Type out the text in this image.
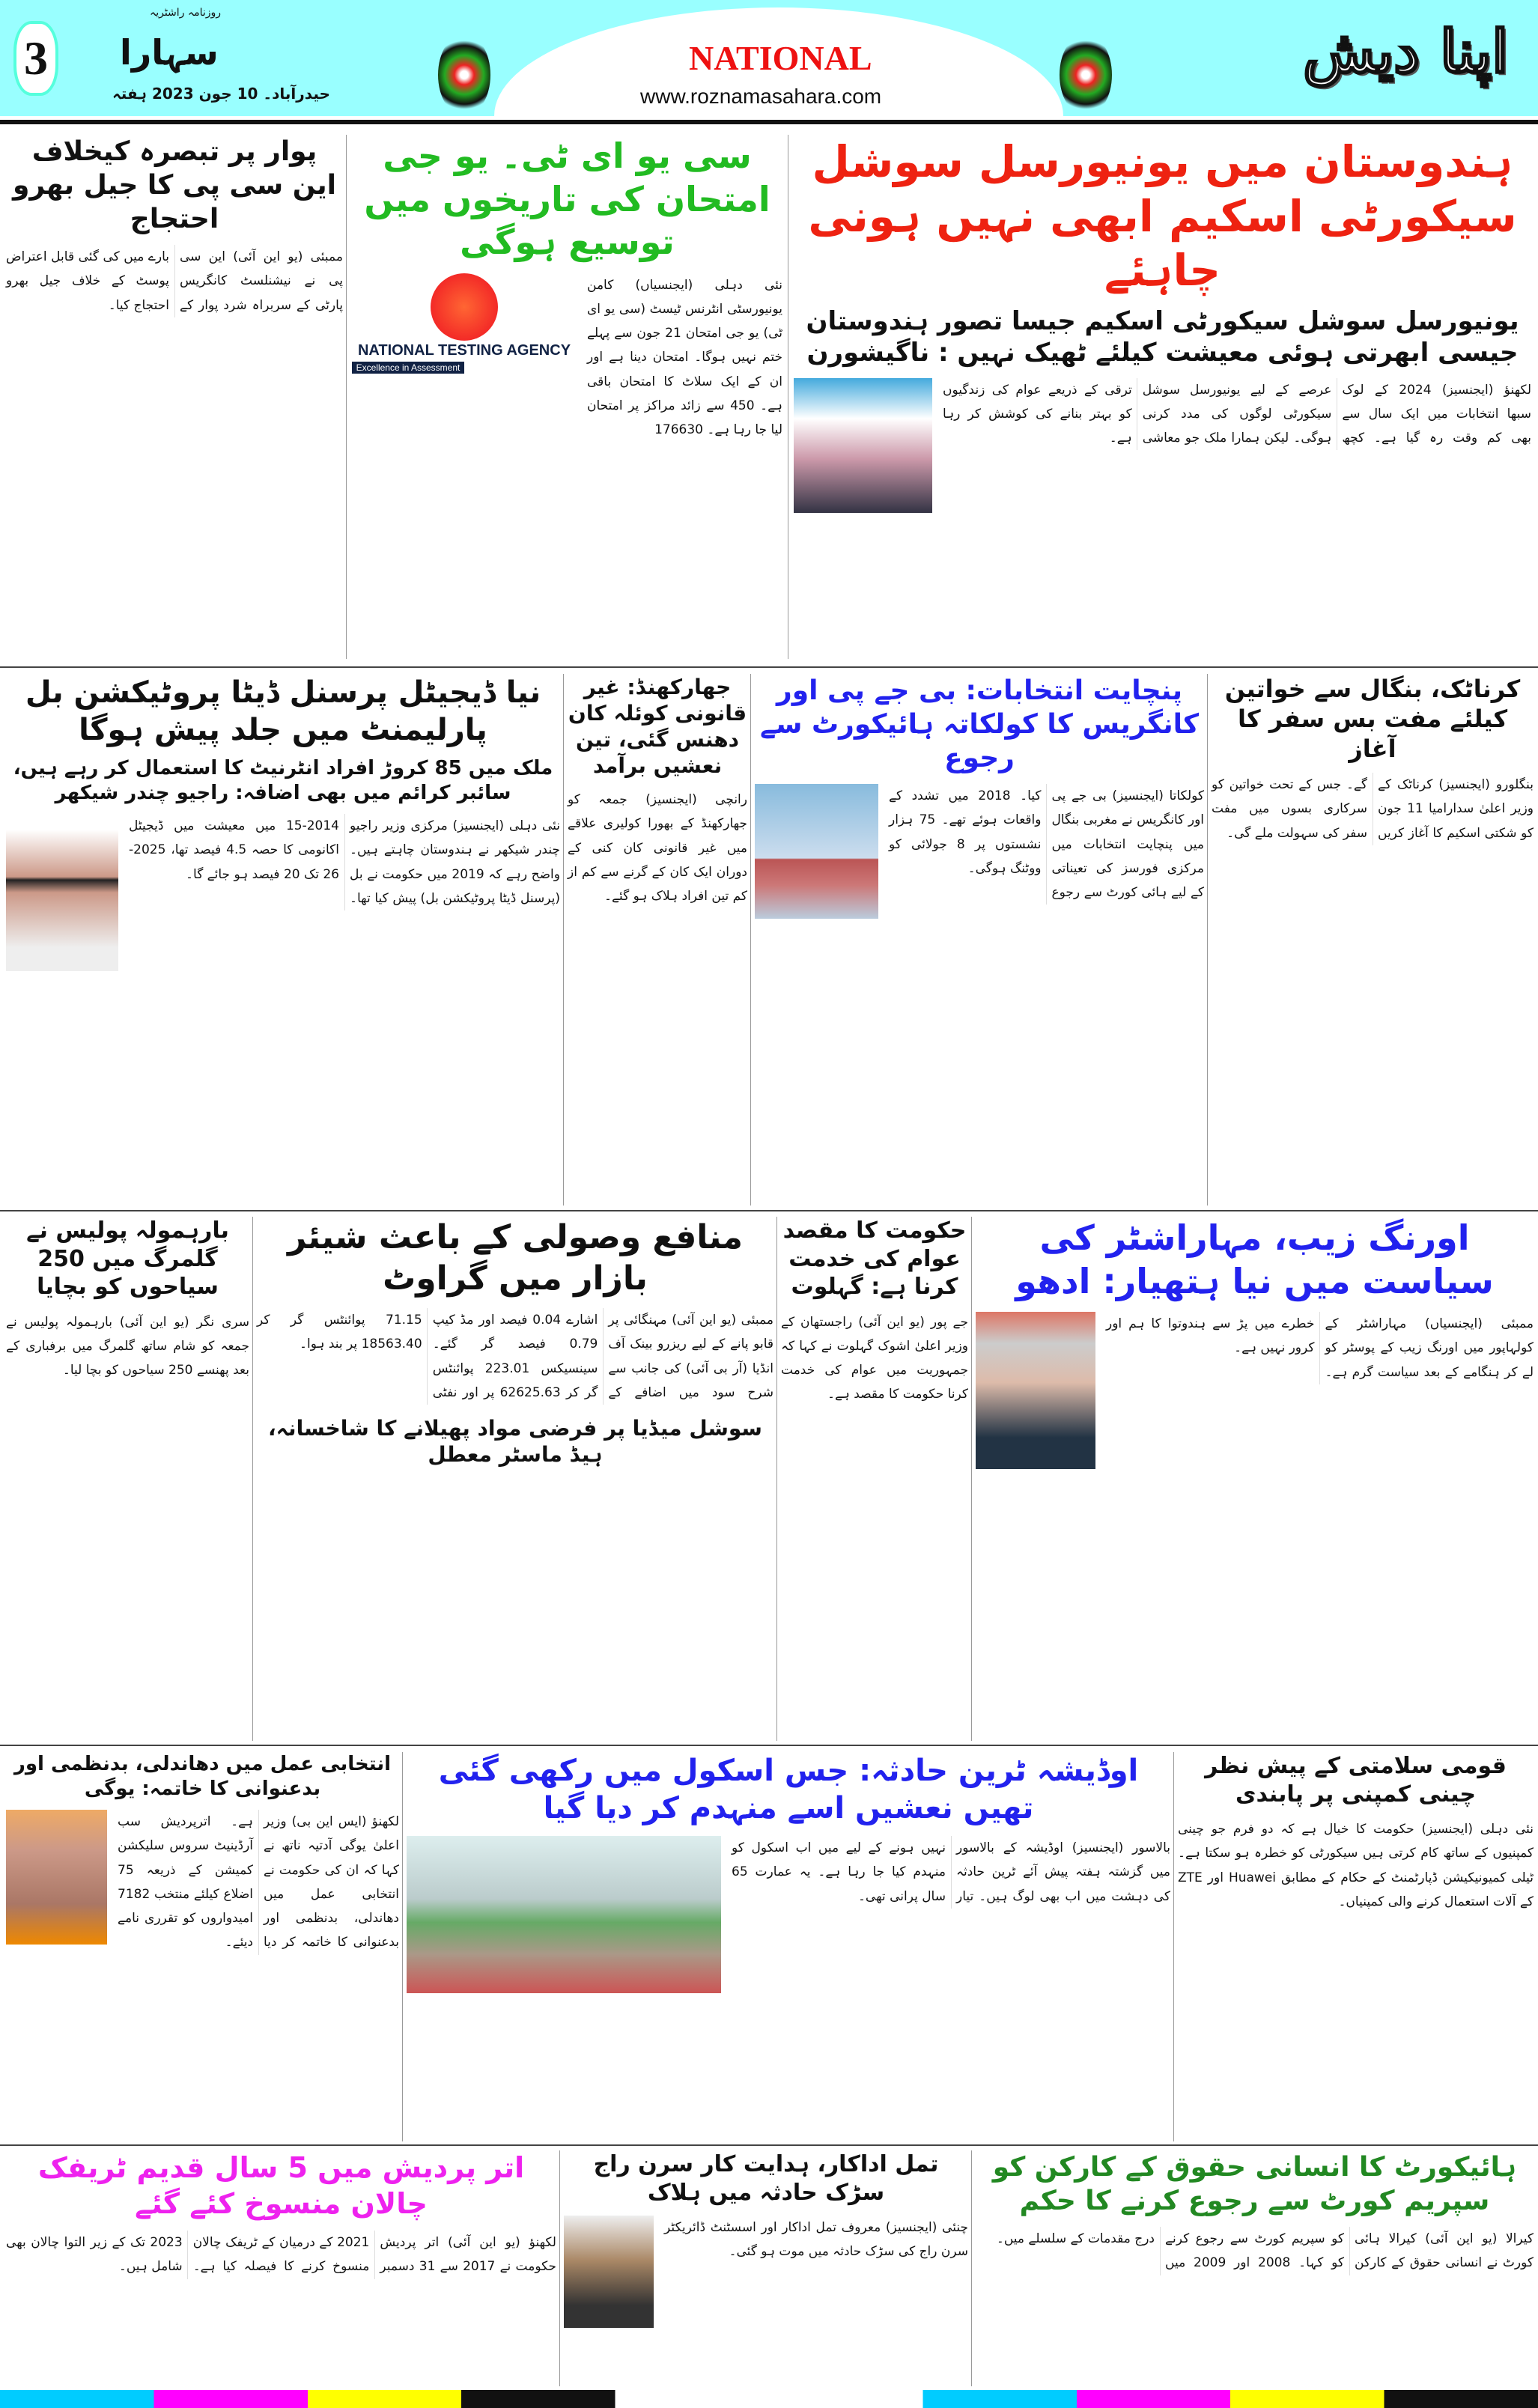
3
روزنامہ راشٹریہ
سہارا
حیدرآباد۔ 10 جون 2023 ہفتہ
NATIONAL
www.roznamasahara.com
اپنا دیش
ہندوستان میں یونیورسل سوشل سیکورٹی اسکیم ابھی نہیں ہونی چاہئے
یونیورسل سوشل سیکورٹی اسکیم جیسا تصور ہندوستان جیسی ابھرتی ہوئی معیشت کیلئے ٹھیک نہیں : ناگیشورن
لکھنؤ (ایجنسیز) 2024 کے لوک سبھا انتخابات میں ایک سال سے بھی کم وقت رہ گیا ہے۔ کچھ عرصے کے لیے یونیورسل سوشل سیکورٹی لوگوں کی مدد کرنی ہوگی۔ لیکن ہمارا ملک جو معاشی ترقی کے ذریعے عوام کی زندگیوں کو بہتر بنانے کی کوشش کر رہا ہے۔
سی یو ای ٹی۔ یو جی امتحان کی تاریخوں میں توسیع ہوگی
نئی دہلی (ایجنسیاں) کامن یونیورسٹی انٹرنس ٹیسٹ (سی یو ای ٹی) یو جی امتحان 21 جون سے پہلے ختم نہیں ہوگا۔ امتحان دینا ہے اور ان کے ایک سلاٹ کا امتحان باقی ہے۔ 450 سے زائد مراکز پر امتحان لیا جا رہا ہے۔ 176630
NATIONAL TESTING AGENCY
Excellence in Assessment
پوار پر تبصرہ کیخلاف این سی پی کا جیل بھرو احتجاج
ممبئی (یو این آئی) این سی پی نے نیشنلسٹ کانگریس پارٹی کے سربراہ شرد پوار کے بارے میں کی گئی قابل اعتراض پوسٹ کے خلاف جیل بھرو احتجاج کیا۔
نیا ڈیجیٹل پرسنل ڈیٹا پروٹیکشن بل پارلیمنٹ میں جلد پیش ہوگا
ملک میں 85 کروڑ افراد انٹرنیٹ کا استعمال کر رہے ہیں، سائبر کرائم میں بھی اضافہ: راجیو چندر شیکھر
نئی دہلی (ایجنسیز) مرکزی وزیر راجیو چندر شیکھر نے ہندوستان چاہتے ہیں۔ واضح رہے کہ 2019 میں حکومت نے بل (پرسنل ڈیٹا پروٹیکشن بل) پیش کیا تھا۔ 2014-15 میں معیشت میں ڈیجیٹل اکانومی کا حصہ 4.5 فیصد تھا، 2025-26 تک 20 فیصد ہو جائے گا۔
جھارکھنڈ: غیر قانونی کوئلہ کان دھنس گئی، تین نعشیں برآمد
رانچی (ایجنسیز) جمعہ کو جھارکھنڈ کے بھورا کولیری علاقے میں غیر قانونی کان کنی کے دوران ایک کان کے گرنے سے کم از کم تین افراد ہلاک ہو گئے۔
پنچایت انتخابات: بی جے پی اور کانگریس کا کولکاتہ ہائیکورٹ سے رجوع
کولکاتا (ایجنسیز) بی جے پی اور کانگریس نے مغربی بنگال میں پنچایت انتخابات میں مرکزی فورسز کی تعیناتی کے لیے ہائی کورٹ سے رجوع کیا۔ 2018 میں تشدد کے واقعات ہوئے تھے۔ 75 ہزار نشستوں پر 8 جولائی کو ووٹنگ ہوگی۔
کرناٹک، بنگال سے خواتین کیلئے مفت بس سفر کا آغاز
بنگلورو (ایجنسیز) کرناٹک کے وزیر اعلیٰ سدارامیا 11 جون کو شکتی اسکیم کا آغاز کریں گے۔ جس کے تحت خواتین کو سرکاری بسوں میں مفت سفر کی سہولت ملے گی۔
بارہمولہ پولیس نے گلمرگ میں 250 سیاحوں کو بچایا
سری نگر (یو این آئی) بارہمولہ پولیس نے جمعہ کو شام ساتھ گلمرگ میں برفباری کے بعد پھنسے 250 سیاحوں کو بچا لیا۔
منافع وصولی کے باعث شیئر بازار میں گراوٹ
ممبئی (یو این آئی) مہنگائی پر قابو پانے کے لیے ریزرو بینک آف انڈیا (آر بی آئی) کی جانب سے شرح سود میں اضافے کے اشارے 0.04 فیصد اور مڈ کیپ 0.79 فیصد گر گئے۔ سینسیکس 223.01 پوائنٹس گر کر 62625.63 پر اور نفٹی 71.15 پوائنٹس گر کر 18563.40 پر بند ہوا۔
سوشل میڈیا پر فرضی مواد پھیلانے کا شاخسانہ، ہیڈ ماسٹر معطل
حکومت کا مقصد عوام کی خدمت کرنا ہے: گہلوت
جے پور (یو این آئی) راجستھان کے وزیر اعلیٰ اشوک گہلوت نے کہا کہ جمہوریت میں عوام کی خدمت کرنا حکومت کا مقصد ہے۔
اورنگ زیب، مہاراشٹر کی سیاست میں نیا ہتھیار: ادھو
ممبئی (ایجنسیاں) مہاراشٹر کے کولہاپور میں اورنگ زیب کے پوسٹر کو لے کر ہنگامے کے بعد سیاست گرم ہے۔ خطرے میں پڑ سے ہندوتوا کا ہم اور کرور نہیں ہے۔
انتخابی عمل میں دھاندلی، بدنظمی اور بدعنوانی کا خاتمہ: یوگی
لکھنؤ (ایس این بی) وزیر اعلیٰ یوگی آدتیہ ناتھ نے کہا کہ ان کی حکومت نے انتخابی عمل میں دھاندلی، بدنظمی اور بدعنوانی کا خاتمہ کر دیا ہے۔ اترپردیش سب آرڈینیٹ سروس سلیکشن کمیشن کے ذریعہ 75 اضلاع کیلئے منتخب 7182 امیدواروں کو تقرری نامے دیئے۔
اوڈیشہ ٹرین حادثہ: جس اسکول میں رکھی گئی تھیں نعشیں اسے منہدم کر دیا گیا
بالاسور (ایجنسیز) اوڈیشہ کے بالاسور میں گزشتہ ہفتہ پیش آئے ٹرین حادثہ کی دہشت میں اب بھی لوگ ہیں۔ تیار نہیں ہونے کے لیے میں اب اسکول کو منہدم کیا جا رہا ہے۔ یہ عمارت 65 سال پرانی تھی۔
قومی سلامتی کے پیش نظر چینی کمپنی پر پابندی
نئی دہلی (ایجنسیز) حکومت کا خیال ہے کہ دو فرم جو چینی کمپنیوں کے ساتھ کام کرتی ہیں سیکورٹی کو خطرہ ہو سکتا ہے۔ ٹیلی کمیونیکیشن ڈپارٹمنٹ کے حکام کے مطابق Huawei اور ZTE کے آلات استعمال کرنے والی کمپنیاں۔
اتر پردیش میں 5 سال قدیم ٹریفک چالان منسوخ کئے گئے
لکھنؤ (یو این آئی) اتر پردیش حکومت نے 2017 سے 31 دسمبر 2021 کے درمیان کے ٹریفک چالان منسوخ کرنے کا فیصلہ کیا ہے۔ 2023 تک کے زیر التوا چالان بھی شامل ہیں۔
تمل اداکار، ہدایت کار سرن راج سڑک حادثہ میں ہلاک
چنئی (ایجنسیز) معروف تمل اداکار اور اسسٹنٹ ڈائریکٹر سرن راج کی سڑک حادثہ میں موت ہو گئی۔
ہائیکورٹ کا انسانی حقوق کے کارکن کو سپریم کورٹ سے رجوع کرنے کا حکم
کیرالا (یو این آئی) کیرالا ہائی کورٹ نے انسانی حقوق کے کارکن کو سپریم کورٹ سے رجوع کرنے کو کہا۔ 2008 اور 2009 میں درج مقدمات کے سلسلے میں۔
